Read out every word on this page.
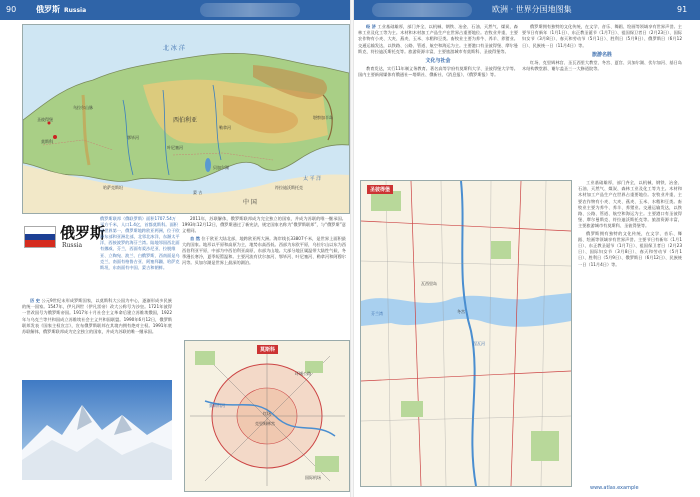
90 俄罗斯 Russia	欧洲 · 世界分国地图集	91
北 冰 洋
莫斯科
圣彼得堡	西伯利亚
贝加尔湖
太 平 洋
中 国
蒙 古
哈萨克斯坦
鄂毕河
叶尼塞河
勒拿河
乌拉尔山脉
堪察加半岛
符拉迪沃斯托克
俄罗斯
Russia
俄罗斯联邦（俄联罗斯）面积1707.54万平方千米，人口1.4亿，首都莫斯科。面积居世界第一，俄罗斯地跨欧亚两洲，位于欧洲东部和亚洲北部，北邻北冰洋，东濒太平洋，西接波罗的海芬兰湾。陆地邻国西北面有挪威、芬兰，西面有爱沙尼亚、拉脱维亚、立陶宛、波兰、白俄罗斯，西南面是乌克兰，南面有格鲁吉亚、阿塞拜疆、哈萨克斯坦，东南面有中国、蒙古和朝鲜。

历 史 公元9世纪末形成罗斯国家，以莫斯科大公国为中心，逐渐形成多民族的统一国家。1547年，伊凡四世（伊凡雷帝）改大公称号为沙皇。1721年彼得一世改国号为俄罗斯帝国。1917年十月社会主义革命后建立苏维埃俄国，1922年与乌克兰等共和国成立苏维埃社会主义共和国联盟。1990年6月12日，俄罗斯联邦发表《国家主权宣言》，宣布俄罗斯联邦在其境内拥有绝对主权。1991年底苏联解体，俄罗斯联邦成为完全独立的国家，并成为苏联的唯一继承国。

2011年，苏联解体，俄罗斯联邦成为完全独立的国家，并成为苏联的唯一继承国。1993年12月12日，俄罗斯通过了新宪法，规定国家名称为“俄罗斯联邦”，与“俄罗斯”意义相同。

自 然 位于欧亚大陆北部，地跨欧亚两大洲。海岸线长33807千米，是世界上面积最大的国家。地形以平原和高原为主，地势东高西低。西部为东欧平原，乌拉尔山以东为西西伯利亚平原，中部为中西伯利亚高原，东部为山地。大部分地区属温带大陆性气候，冬季漫长寒冷，夏季短暂温和。主要河流有伏尔加河、鄂毕河、叶尼塞河、勒拿河和阿穆尔河等。贝加尔湖是世界上最深的湖泊。

莫斯科
红场
克里姆林宫
莫斯科河
环城公路
国际机场

经 济 工业基础雄厚，部门齐全，以机械、钢铁、冶金、石油、天然气、煤炭、森林工业及化工等为主。木材和木材加工产品生产在世界占重要地位。农牧业并重，主要农作物有小麦、大麦、燕麦、玉米、水稻和豆类。畜牧业主要为养牛、养羊、养猪业。交通运输发达，以铁路、公路、管道、航空和海运为主。主要港口有圣彼得堡、摩尔曼斯克、符拉迪沃斯托克等。旅游资源丰富，主要旅游城市有莫斯科、圣彼得堡等。

文化与社会

教育发达，实行11年制义务教育。著名高等学府有莫斯科大学、圣彼得堡大学等。国内主要新闻媒体有俄通社—塔斯社、俄新社、《消息报》、《俄罗斯报》等。

俄罗斯拥有独特的文化传统，在文学、音乐、舞蹈、绘画等领域享有世界声誉。主要节日有新年（1月1日）、东正教圣诞节（1月7日）、祖国保卫者日（2月23日）、国际妇女节（3月8日）、春天和劳动节（5月1日）、胜利日（5月9日）、俄罗斯日（6月12日）、民族统一日（11月4日）等。

旅游名胜

红场、克里姆林宫、圣瓦西里大教堂、冬宫、夏宫、贝加尔湖、伏尔加河、基日岛木结构教堂群、谢尔盖圣三一大修道院等。

圣彼得堡
涅瓦河
冬宫
芬兰湾
瓦西里岛

工业基础雄厚，部门齐全，以机械、钢铁、冶金、石油、天然气、煤炭、森林工业及化工等为主。木材和木材加工产品生产在世界占重要地位。农牧业并重，主要农作物有小麦、大麦、燕麦、玉米、水稻和豆类。畜牧业主要为养牛、养羊、养猪业。交通运输发达，以铁路、公路、管道、航空和海运为主。主要港口有圣彼得堡、摩尔曼斯克、符拉迪沃斯托克等。旅游资源丰富，主要旅游城市有莫斯科、圣彼得堡等。

俄罗斯拥有独特的文化传统，在文学、音乐、舞蹈、绘画等领域享有世界声誉。主要节日有新年（1月1日）、东正教圣诞节（1月7日）、祖国保卫者日（2月23日）、国际妇女节（3月8日）、春天和劳动节（5月1日）、胜利日（5月9日）、俄罗斯日（6月12日）、民族统一日（11月4日）等。

www.atlas.example
